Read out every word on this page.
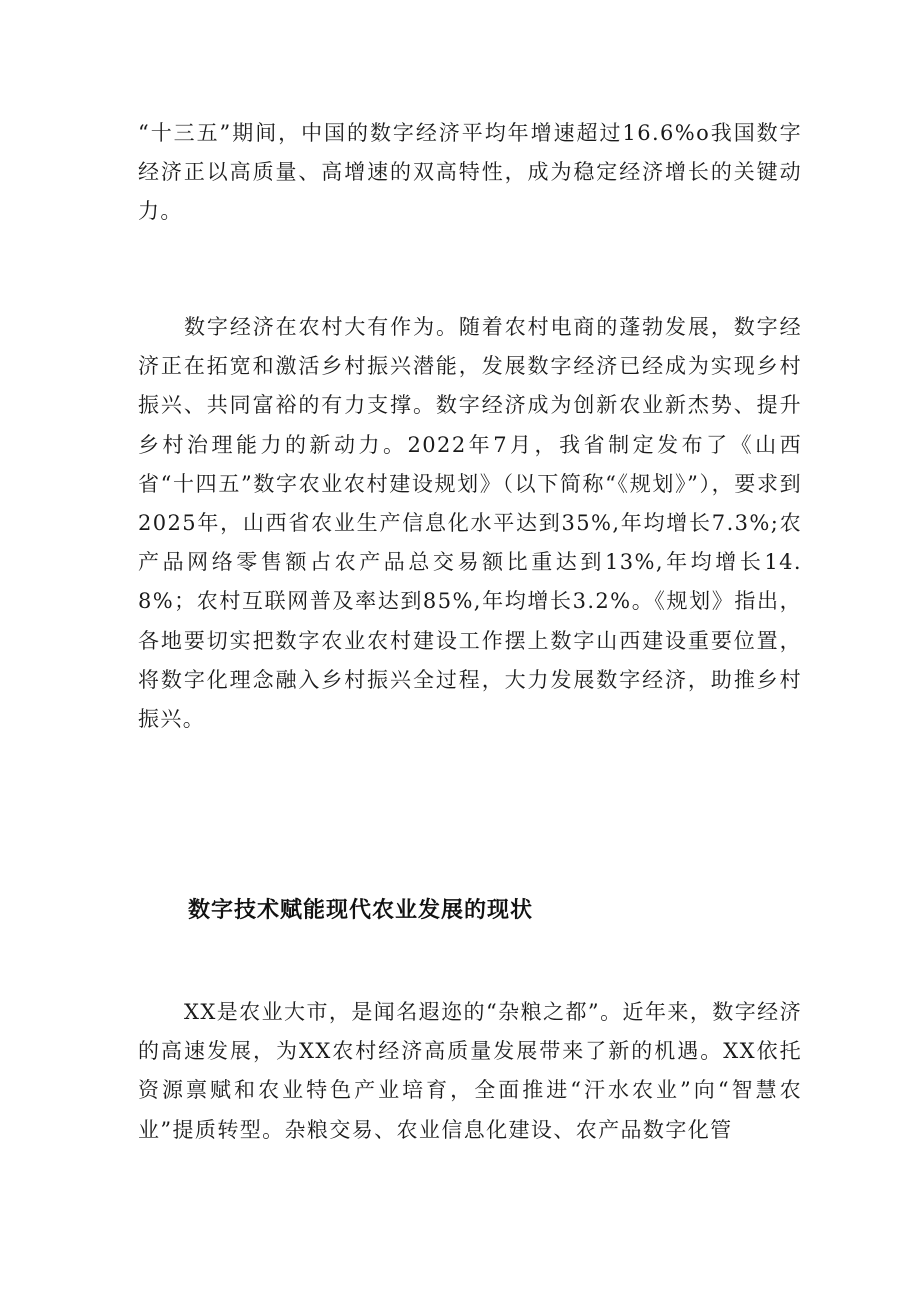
“十三五”期间，中国的数字经济平均年增速超过16.6%o我国数字经济正以高质量、高增速的双高特性，成为稳定经济增长的关键动力。

数字经济在农村大有作为。随着农村电商的蓬勃发展，数字经济正在拓宽和激活乡村振兴潜能，发展数字经济已经成为实现乡村振兴、共同富裕的有力支撑。数字经济成为创新农业新杰势、提升乡村治理能力的新动力。2022年7月，我省制定发布了《山西省“十四五”数字农业农村建设规划》（以下简称“《规划》”），要求到2025年，山西省农业生产信息化水平达到35%,年均增长7.3%;农产品网络零售额占农产品总交易额比重达到13%,年均增长14.8%；农村互联网普及率达到85%,年均增长3.2%。《规划》指出，各地要切实把数字农业农村建设工作摆上数字山西建设重要位置，将数字化理念融入乡村振兴全过程，大力发展数字经济，助推乡村振兴。

数字技术赋能现代农业发展的现状

XX是农业大市，是闻名遐迩的“杂粮之都”。近年来，数字经济的高速发展，为XX农村经济高质量发展带来了新的机遇。XX依托资源禀赋和农业特色产业培育，全面推进“汗水农业”向“智慧农业”提质转型。杂粮交易、农业信息化建设、农产品数字化管
